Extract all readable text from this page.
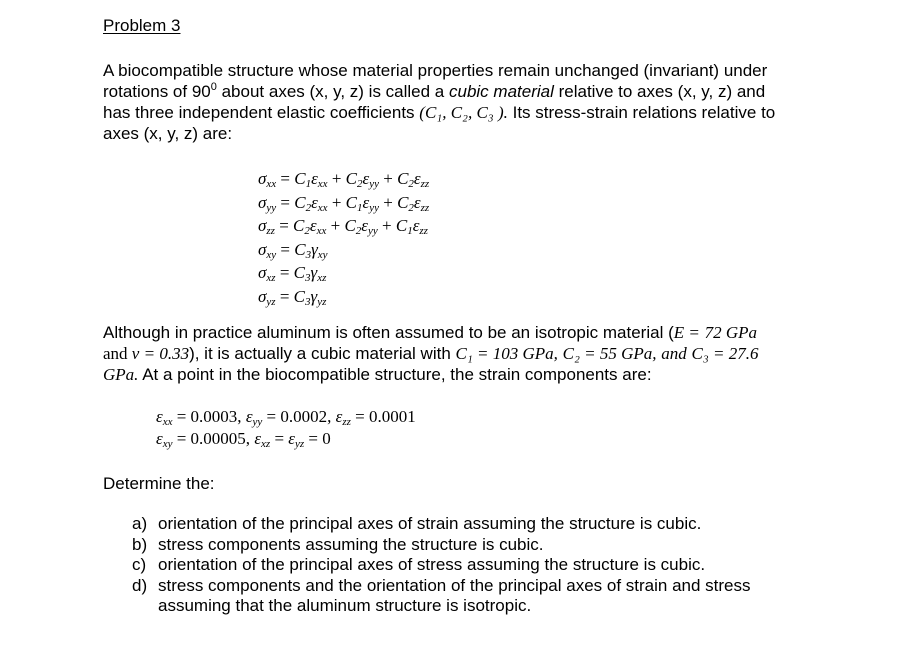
Problem 3
A biocompatible structure whose material properties remain unchanged (invariant) under rotations of $90^0$ about axes (x, y, z) is called a cubic material relative to axes (x, y, z) and has three independent elastic coefficients (C₁, C₂, C₃ ). Its stress-strain relations relative to axes (x, y, z) are:
$\sigma_{xx} = C_1\varepsilon_{xx} + C_2\varepsilon_{yy} + C_2\varepsilon_{zz}$
$\sigma_{yy} = C_2\varepsilon_{xx} + C_1\varepsilon_{yy} + C_2\varepsilon_{zz}$
$\sigma_{zz} = C_2\varepsilon_{xx} + C_2\varepsilon_{yy} + C_1\varepsilon_{zz}$
$\sigma_{xy} = C_3\gamma_{xy}$
$\sigma_{xz} = C_3\gamma_{xz}$
$\sigma_{yz} = C_3\gamma_{yz}$
Although in practice aluminum is often assumed to be an isotropic material (E = 72 GPa and v = 0.33), it is actually a cubic material with C₁ = 103 GPa, C₂ = 55 GPa, and C₃ = 27.6 GPa. At a point in the biocompatible structure, the strain components are:
$\varepsilon_{xx} = 0.0003$, $\varepsilon_{yy} = 0.0002$, $\varepsilon_{zz} = 0.0001$
$\varepsilon_{xy} = 0.00005$, $\varepsilon_{xz} = \varepsilon_{yz} = 0$
Determine the:
a) orientation of the principal axes of strain assuming the structure is cubic.
b) stress components assuming the structure is cubic.
c) orientation of the principal axes of stress assuming the structure is cubic.
d) stress components and the orientation of the principal axes of strain and stress assuming that the aluminum structure is isotropic.
